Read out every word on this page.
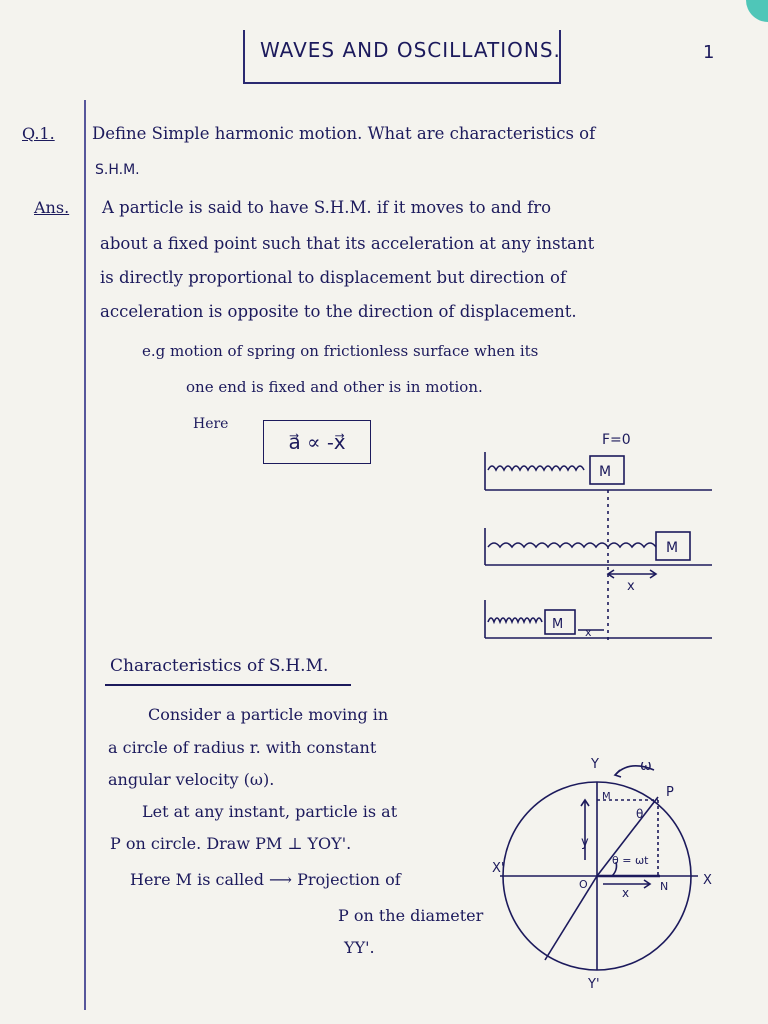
WAVES AND OSCILLATIONS.	1
Q.1. Define Simple harmonic motion. What are characteristics of
S.H.M.
Ans. A particle is said to have S.H.M. if it moves to and fro
about a fixed point such that its acceleration at any instant
is directly proportional to displacement but direction of
acceleration is opposite to the direction of displacement.
e.g motion of spring on frictionless surface when its
one end is fixed and other is in motion.
Here
a⃗ ∝ -x⃗
Characteristics of S.H.M.
Consider a particle moving in
a circle of radius r. with constant
angular velocity (ω).
Let at any instant, particle is at
P on circle. Draw PM ⊥ YOY'.
Here M is called ⟶ Projection of
P on the diameter
YY'.
F=0
M
M
M
x
x
Y
Y'
X
X'
O
P
M
N
ω
θ = ωt
θ
y
x
